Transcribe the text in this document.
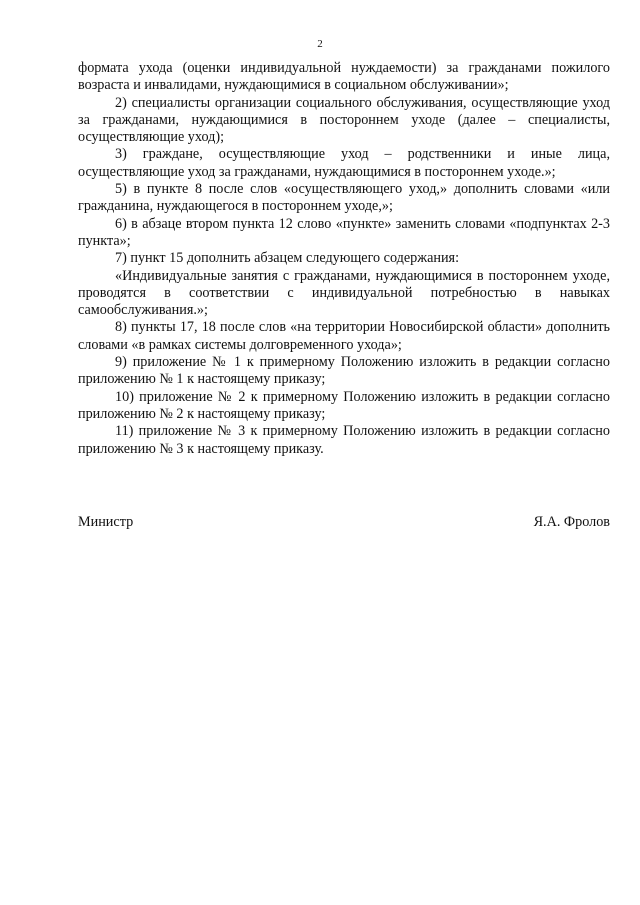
2

формата ухода (оценки индивидуальной нуждаемости) за гражданами пожилого возраста и инвалидами, нуждающимися в социальном обслуживании»;

2) специалисты организации социального обслуживания, осуществляющие уход за гражданами, нуждающимися в постороннем уходе (далее – специалисты, осуществляющие уход);

3) граждане, осуществляющие уход – родственники и иные лица, осуществляющие уход за гражданами, нуждающимися в постороннем уходе.»;

5) в пункте 8 после слов «осуществляющего уход,» дополнить словами «или гражданина, нуждающегося в постороннем уходе,»;

6) в абзаце втором пункта 12 слово «пункте» заменить словами «подпунктах 2-3 пункта»;

7) пункт 15 дополнить абзацем следующего содержания:

«Индивидуальные занятия с гражданами, нуждающимися в постороннем уходе, проводятся в соответствии с индивидуальной потребностью в навыках самообслуживания.»;

8) пункты 17, 18 после слов «на территории Новосибирской области» дополнить словами «в рамках системы долговременного ухода»;

9) приложение № 1 к примерному Положению изложить в редакции согласно приложению № 1 к настоящему приказу;

10) приложение № 2 к примерному Положению изложить в редакции согласно приложению № 2 к настоящему приказу;

11) приложение № 3 к примерному Положению изложить в редакции согласно приложению № 3 к настоящему приказу.

Министр	Я.А. Фролов
